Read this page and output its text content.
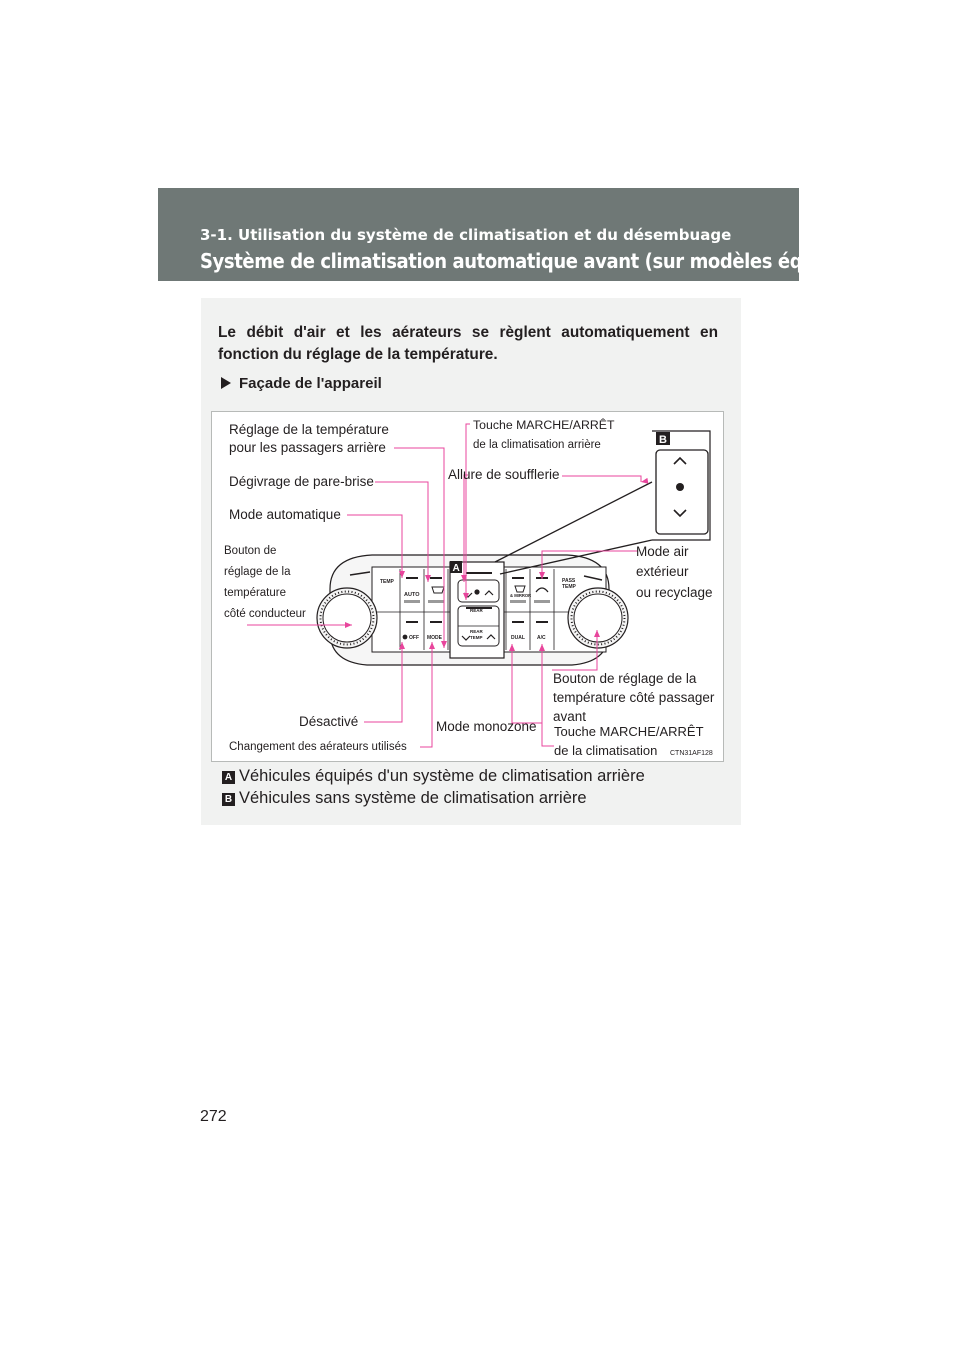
272
3-1. Utilisation du système de climatisation et du désembuage
Système de climatisation automatique avant (sur modèles équipés)
Le débit d'air et les aérateurs se règlent automatiquement en
fonction du réglage de la température.
Façade de l'appareil
TEMP	PASS
TEMP
AUTO
OFF MODE
REAR
REAR
TEMP
& MIRROR
DUAL A/C
A
B
Réglage de la température
pour les passagers arrière
Touche MARCHE/ARRÊT
de la climatisation arrière
Dégivrage de pare-brise	Allure de soufflerie
Mode automatique
Bouton de
réglage de la
température
côté conducteur
Mode air
extérieur
ou recyclage
Bouton de réglage de la
température côté passager
avant
Désactivé	Mode monozone Touche MARCHE/ARRÊT
de la climatisation
Changement des aérateurs utilisés
CTN31AF128
A Véhicules équipés d'un système de climatisation arrière
B Véhicules sans système de climatisation arrière
